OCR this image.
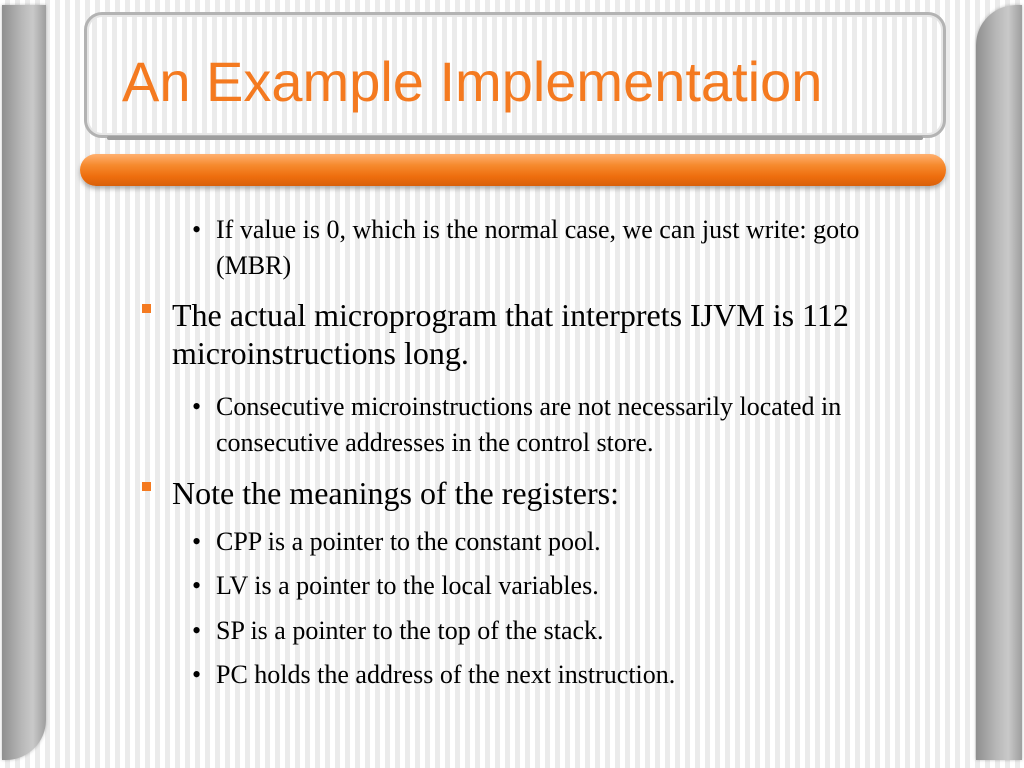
An Example Implementation
• If value is 0, which is the normal case, we can just write: goto (MBR)
The actual microprogram that interprets IJVM is 112 microinstructions long.
• Consecutive microinstructions are not necessarily located in consecutive addresses in the control store.
Note the meanings of the registers:
• CPP is a pointer to the constant pool.
• LV is a pointer to the local variables.
• SP is a pointer to the top of the stack.
• PC holds the address of the next instruction.
